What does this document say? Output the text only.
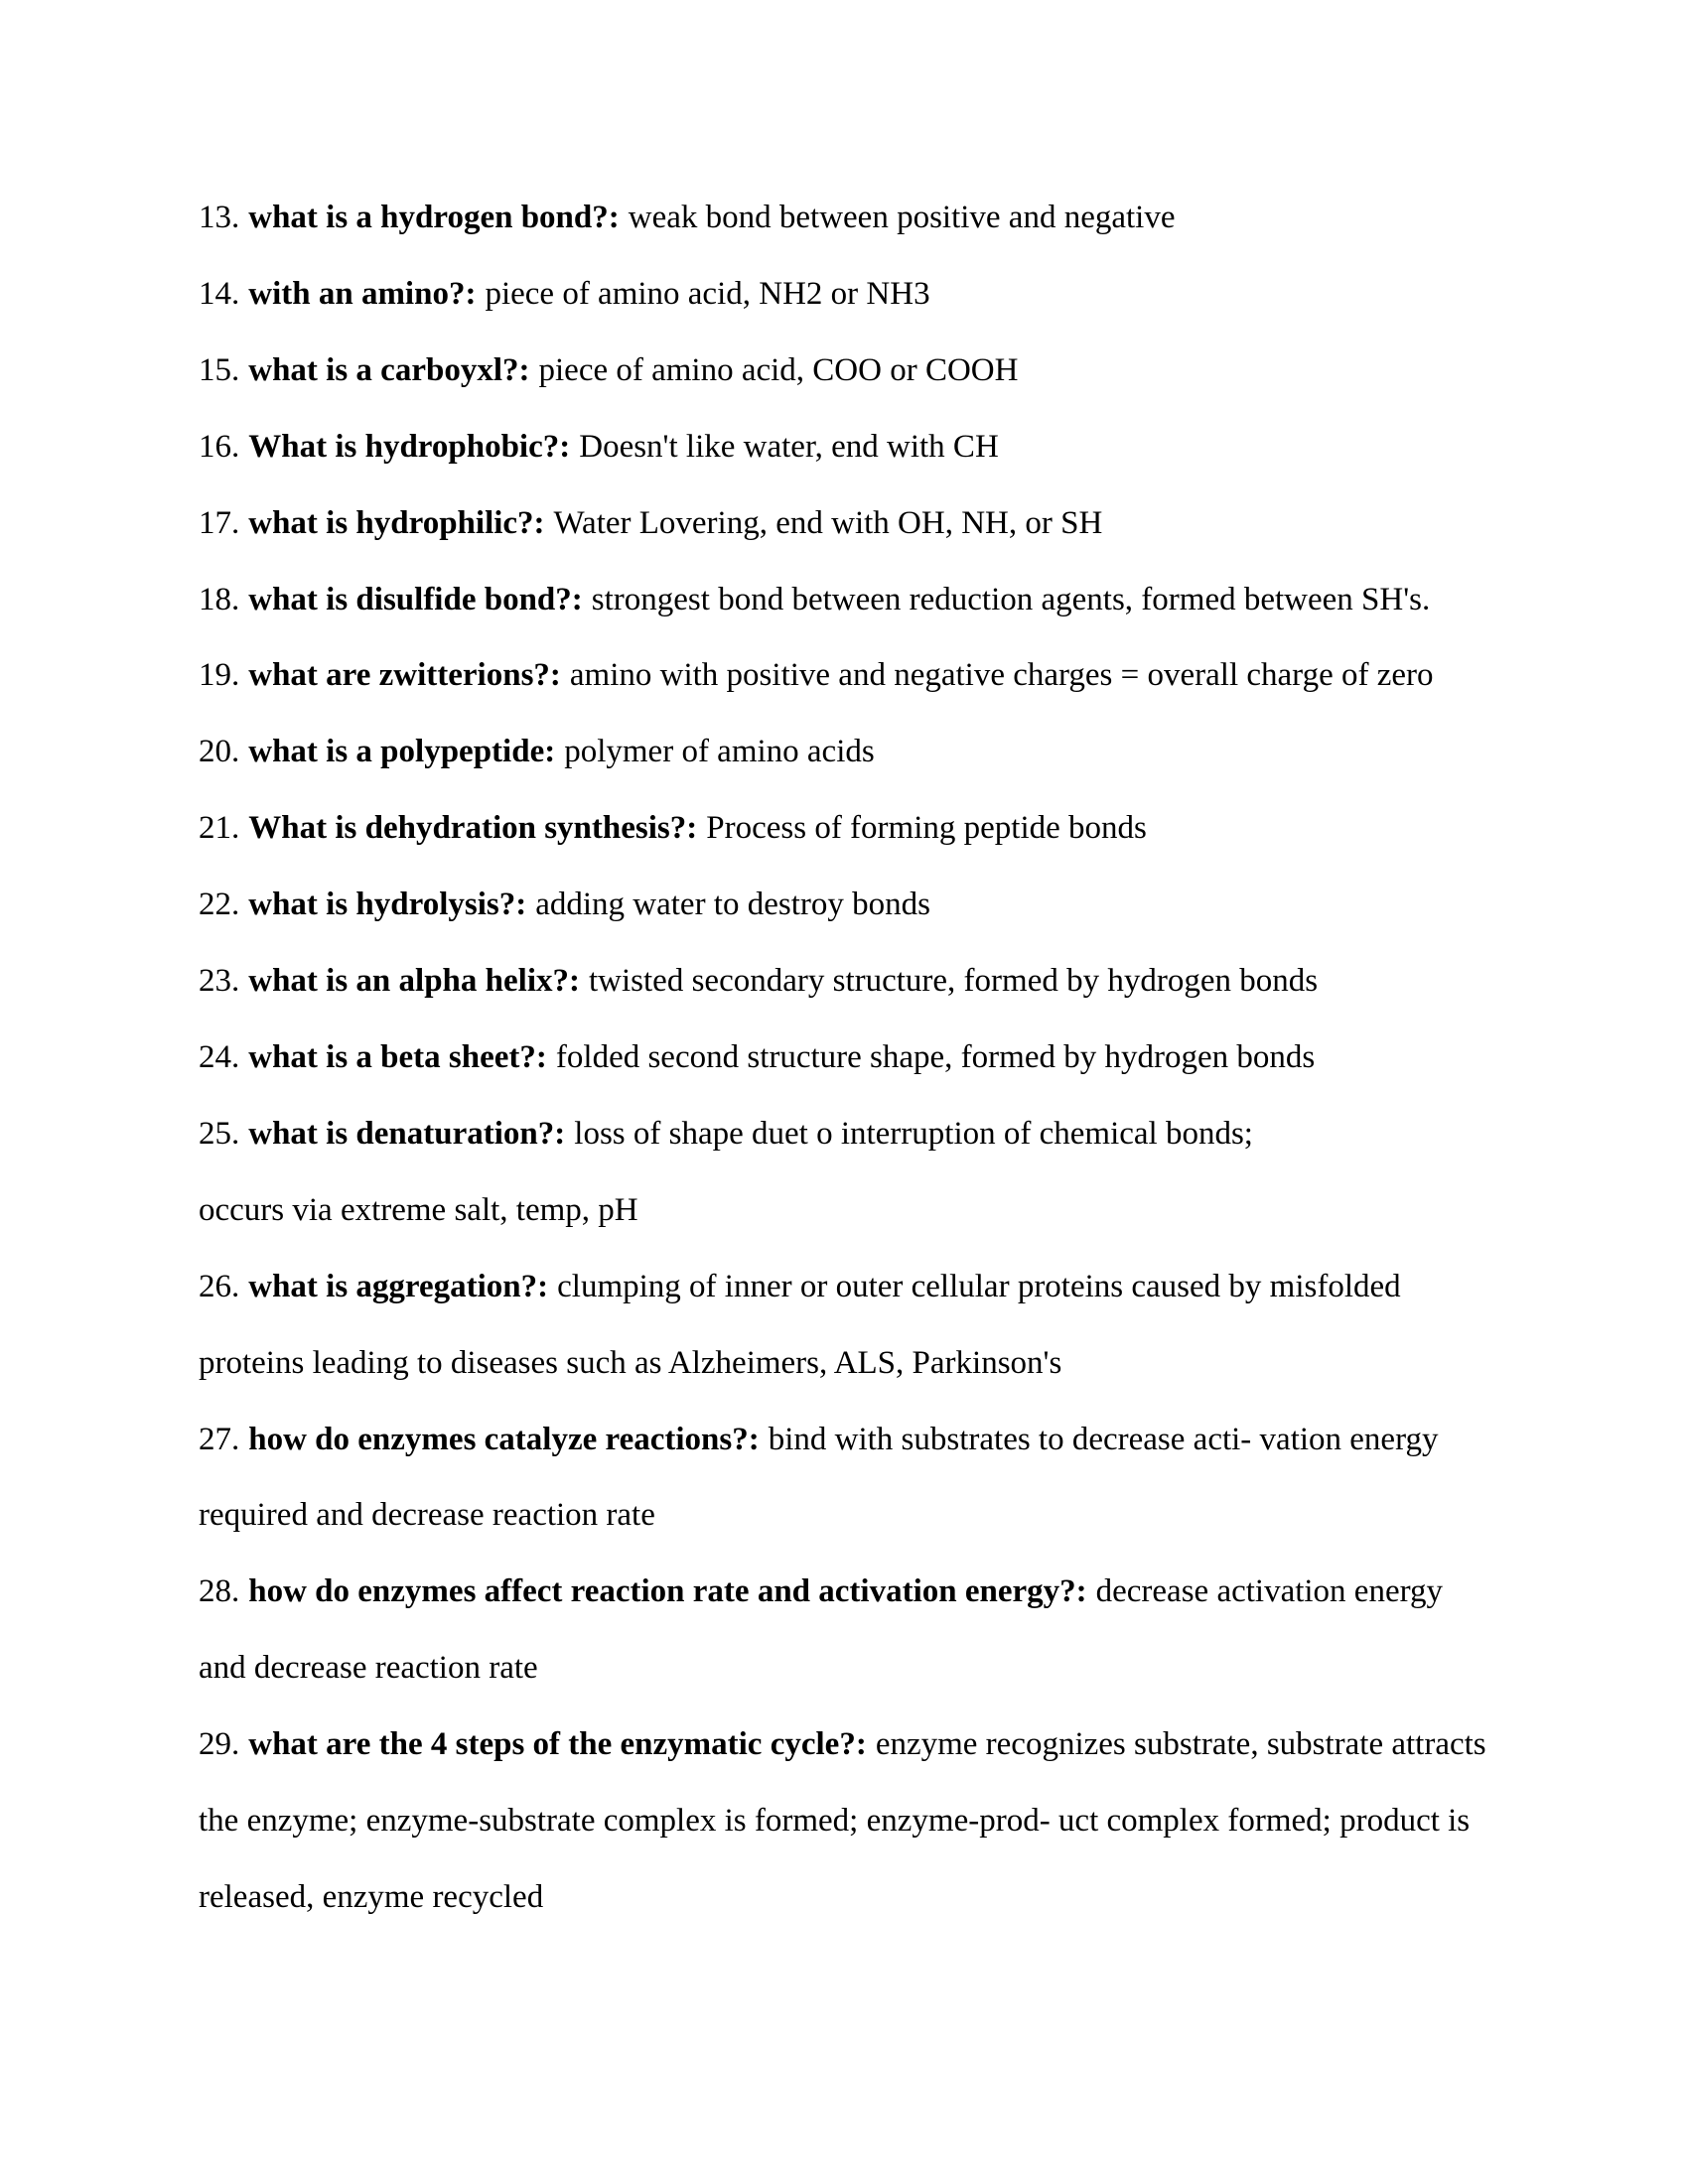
13. what is a hydrogen bond?: weak bond between positive and negative
14. with an amino?: piece of amino acid, NH2 or NH3
15. what is a carboyxl?: piece of amino acid, COO or COOH
16. What is hydrophobic?: Doesn't like water, end with CH
17. what is hydrophilic?: Water Lovering, end with OH, NH, or SH
18. what is disulfide bond?: strongest bond between reduction agents, formed between SH's.
19. what are zwitterions?: amino with positive and negative charges = overall charge of zero
20. what is a polypeptide: polymer of amino acids
21. What is dehydration synthesis?: Process of forming peptide bonds
22. what is hydrolysis?: adding water to destroy bonds
23. what is an alpha helix?: twisted secondary structure, formed by hydrogen bonds
24. what is a beta sheet?: folded second structure shape, formed by hydrogen bonds
25. what is denaturation?: loss of shape duet o interruption of chemical bonds;
occurs via extreme salt, temp, pH
26. what is aggregation?: clumping of inner or outer cellular proteins caused by misfolded
proteins leading to diseases such as Alzheimers, ALS, Parkinson's
27. how do enzymes catalyze reactions?: bind with substrates to decrease acti- vation energy
required and decrease reaction rate
28. how do enzymes affect reaction rate and activation energy?: decrease activation energy
and decrease reaction rate
29. what are the 4 steps of the enzymatic cycle?: enzyme recognizes substrate, substrate attracts
the enzyme; enzyme-substrate complex is formed; enzyme-prod- uct complex formed; product is
released, enzyme recycled
